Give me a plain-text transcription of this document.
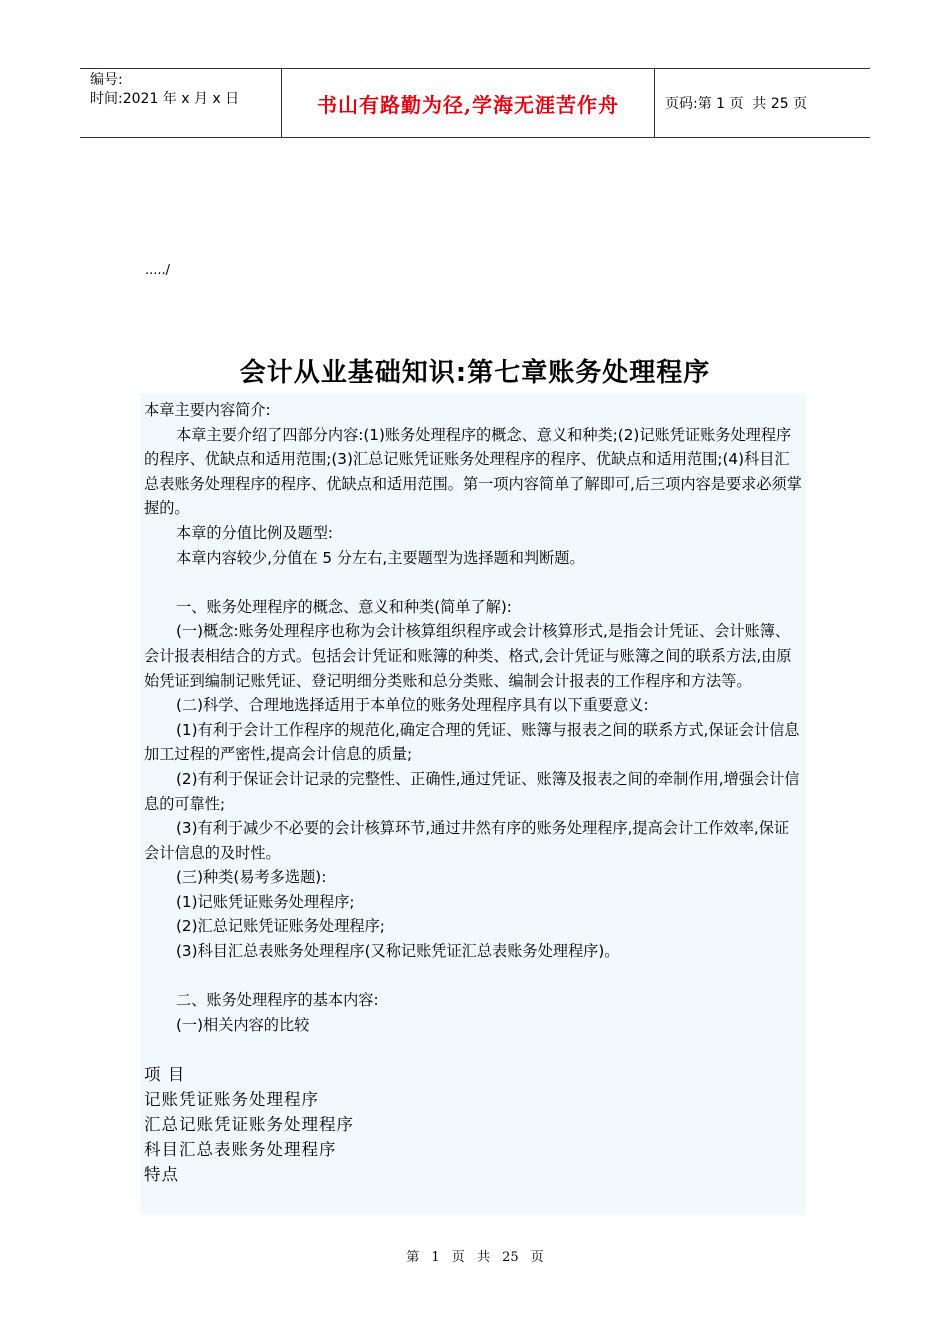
编号:
时间:2021 年 x 月 x 日	书山有路勤为径,学海无涯苦作舟	页码:第 1 页  共 25 页
...../
会计从业基础知识:第七章账务处理程序

本章主要内容简介:

本章主要介绍了四部分内容:(1)账务处理程序的概念、意义和种类;(2)记账凭证账务处理程序的程序、优缺点和适用范围;(3)汇总记账凭证账务处理程序的程序、优缺点和适用范围;(4)科目汇总表账务处理程序的程序、优缺点和适用范围。第一项内容简单了解即可,后三项内容是要求必须掌握的。

本章的分值比例及题型:

本章内容较少,分值在 5 分左右,主要题型为选择题和判断题。

一、账务处理程序的概念、意义和种类(简单了解):

(一)概念:账务处理程序也称为会计核算组织程序或会计核算形式,是指会计凭证、会计账簿、会计报表相结合的方式。包括会计凭证和账簿的种类、格式,会计凭证与账簿之间的联系方法,由原始凭证到编制记账凭证、登记明细分类账和总分类账、编制会计报表的工作程序和方法等。

(二)科学、合理地选择适用于本单位的账务处理程序具有以下重要意义:

(1)有利于会计工作程序的规范化,确定合理的凭证、账簿与报表之间的联系方式,保证会计信息加工过程的严密性,提高会计信息的质量;

(2)有利于保证会计记录的完整性、正确性,通过凭证、账簿及报表之间的牵制作用,增强会计信息的可靠性;

(3)有利于减少不必要的会计核算环节,通过井然有序的账务处理程序,提高会计工作效率,保证会计信息的及时性。

(三)种类(易考多选题):

(1)记账凭证账务处理程序;

(2)汇总记账凭证账务处理程序;

(3)科目汇总表账务处理程序(又称记账凭证汇总表账务处理程序)。

二、账务处理程序的基本内容:

(一)相关内容的比较

项 目

记账凭证账务处理程序

汇总记账凭证账务处理程序

科目汇总表账务处理程序

特点

第 1 页 共 25 页
